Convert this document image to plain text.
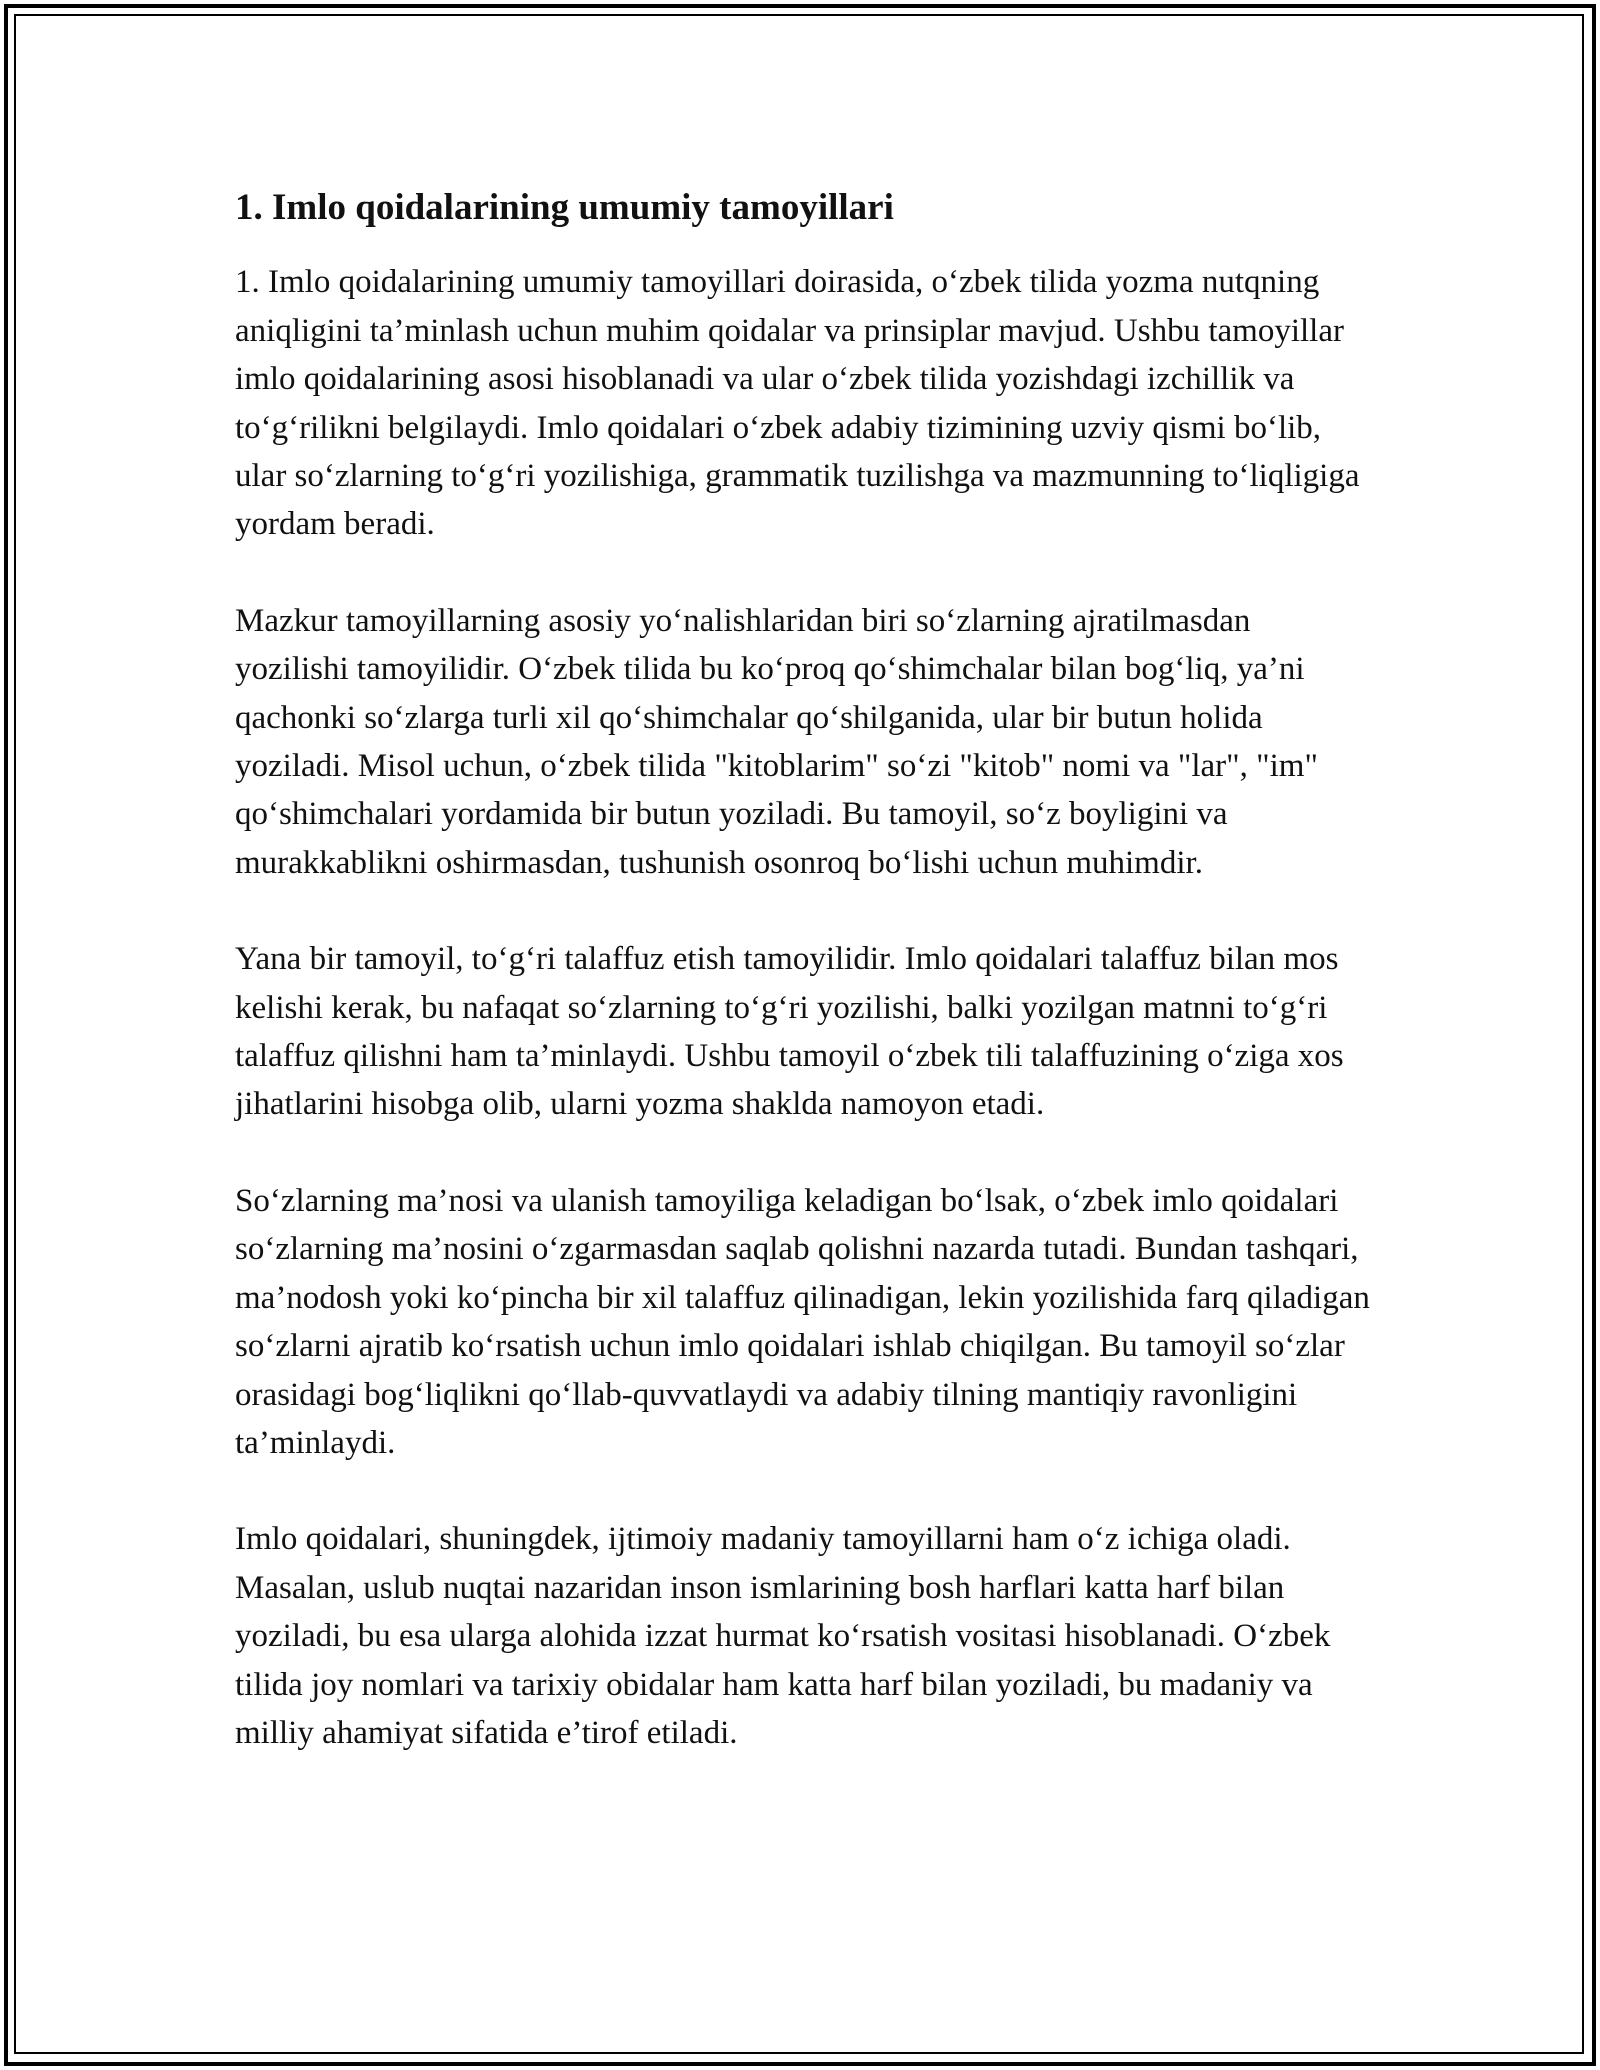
1. Imlo qoidalarining umumiy tamoyillari

1. Imlo qoidalarining umumiy tamoyillari doirasida, o‘zbek tilida yozma nutqning aniqligini ta’minlash uchun muhim qoidalar va prinsiplar mavjud. Ushbu tamoyillar imlo qoidalarining asosi hisoblanadi va ular o‘zbek tilida yozishdagi izchillik va to‘g‘rilikni belgilaydi. Imlo qoidalari o‘zbek adabiy tizimining uzviy qismi bo‘lib, ular so‘zlarning to‘g‘ri yozilishiga, grammatik tuzilishga va mazmunning to‘liqligiga yordam beradi.

Mazkur tamoyillarning asosiy yo‘nalishlaridan biri so‘zlarning ajratilmasdan yozilishi tamoyilidir. O‘zbek tilida bu ko‘proq qo‘shimchalar bilan bog‘liq, ya’ni qachonki so‘zlarga turli xil qo‘shimchalar qo‘shilganida, ular bir butun holida yoziladi. Misol uchun, o‘zbek tilida "kitoblarim" so‘zi "kitob" nomi va "lar", "im" qo‘shimchalari yordamida bir butun yoziladi. Bu tamoyil, so‘z boyligini va murakkablikni oshirmasdan, tushunish osonroq bo‘lishi uchun muhimdir.

Yana bir tamoyil, to‘g‘ri talaffuz etish tamoyilidir. Imlo qoidalari talaffuz bilan mos kelishi kerak, bu nafaqat so‘zlarning to‘g‘ri yozilishi, balki yozilgan matnni to‘g‘ri talaffuz qilishni ham ta’minlaydi. Ushbu tamoyil o‘zbek tili talaffuzining o‘ziga xos jihatlarini hisobga olib, ularni yozma shaklda namoyon etadi.

So‘zlarning ma’nosi va ulanish tamoyiliga keladigan bo‘lsak, o‘zbek imlo qoidalari so‘zlarning ma’nosini o‘zgarmasdan saqlab qolishni nazarda tutadi. Bundan tashqari, ma’nodosh yoki ko‘pincha bir xil talaffuz qilinadigan, lekin yozilishida farq qiladigan so‘zlarni ajratib ko‘rsatish uchun imlo qoidalari ishlab chiqilgan. Bu tamoyil so‘zlar orasidagi bog‘liqlikni qo‘llab-quvvatlaydi va adabiy tilning mantiqiy ravonligini ta’minlaydi.

Imlo qoidalari, shuningdek, ijtimoiy madaniy tamoyillarni ham o‘z ichiga oladi. Masalan, uslub nuqtai nazaridan inson ismlarining bosh harflari katta harf bilan yoziladi, bu esa ularga alohida izzat hurmat ko‘rsatish vositasi hisoblanadi. O‘zbek tilida joy nomlari va tarixiy obidalar ham katta harf bilan yoziladi, bu madaniy va milliy ahamiyat sifatida e’tirof etiladi.
